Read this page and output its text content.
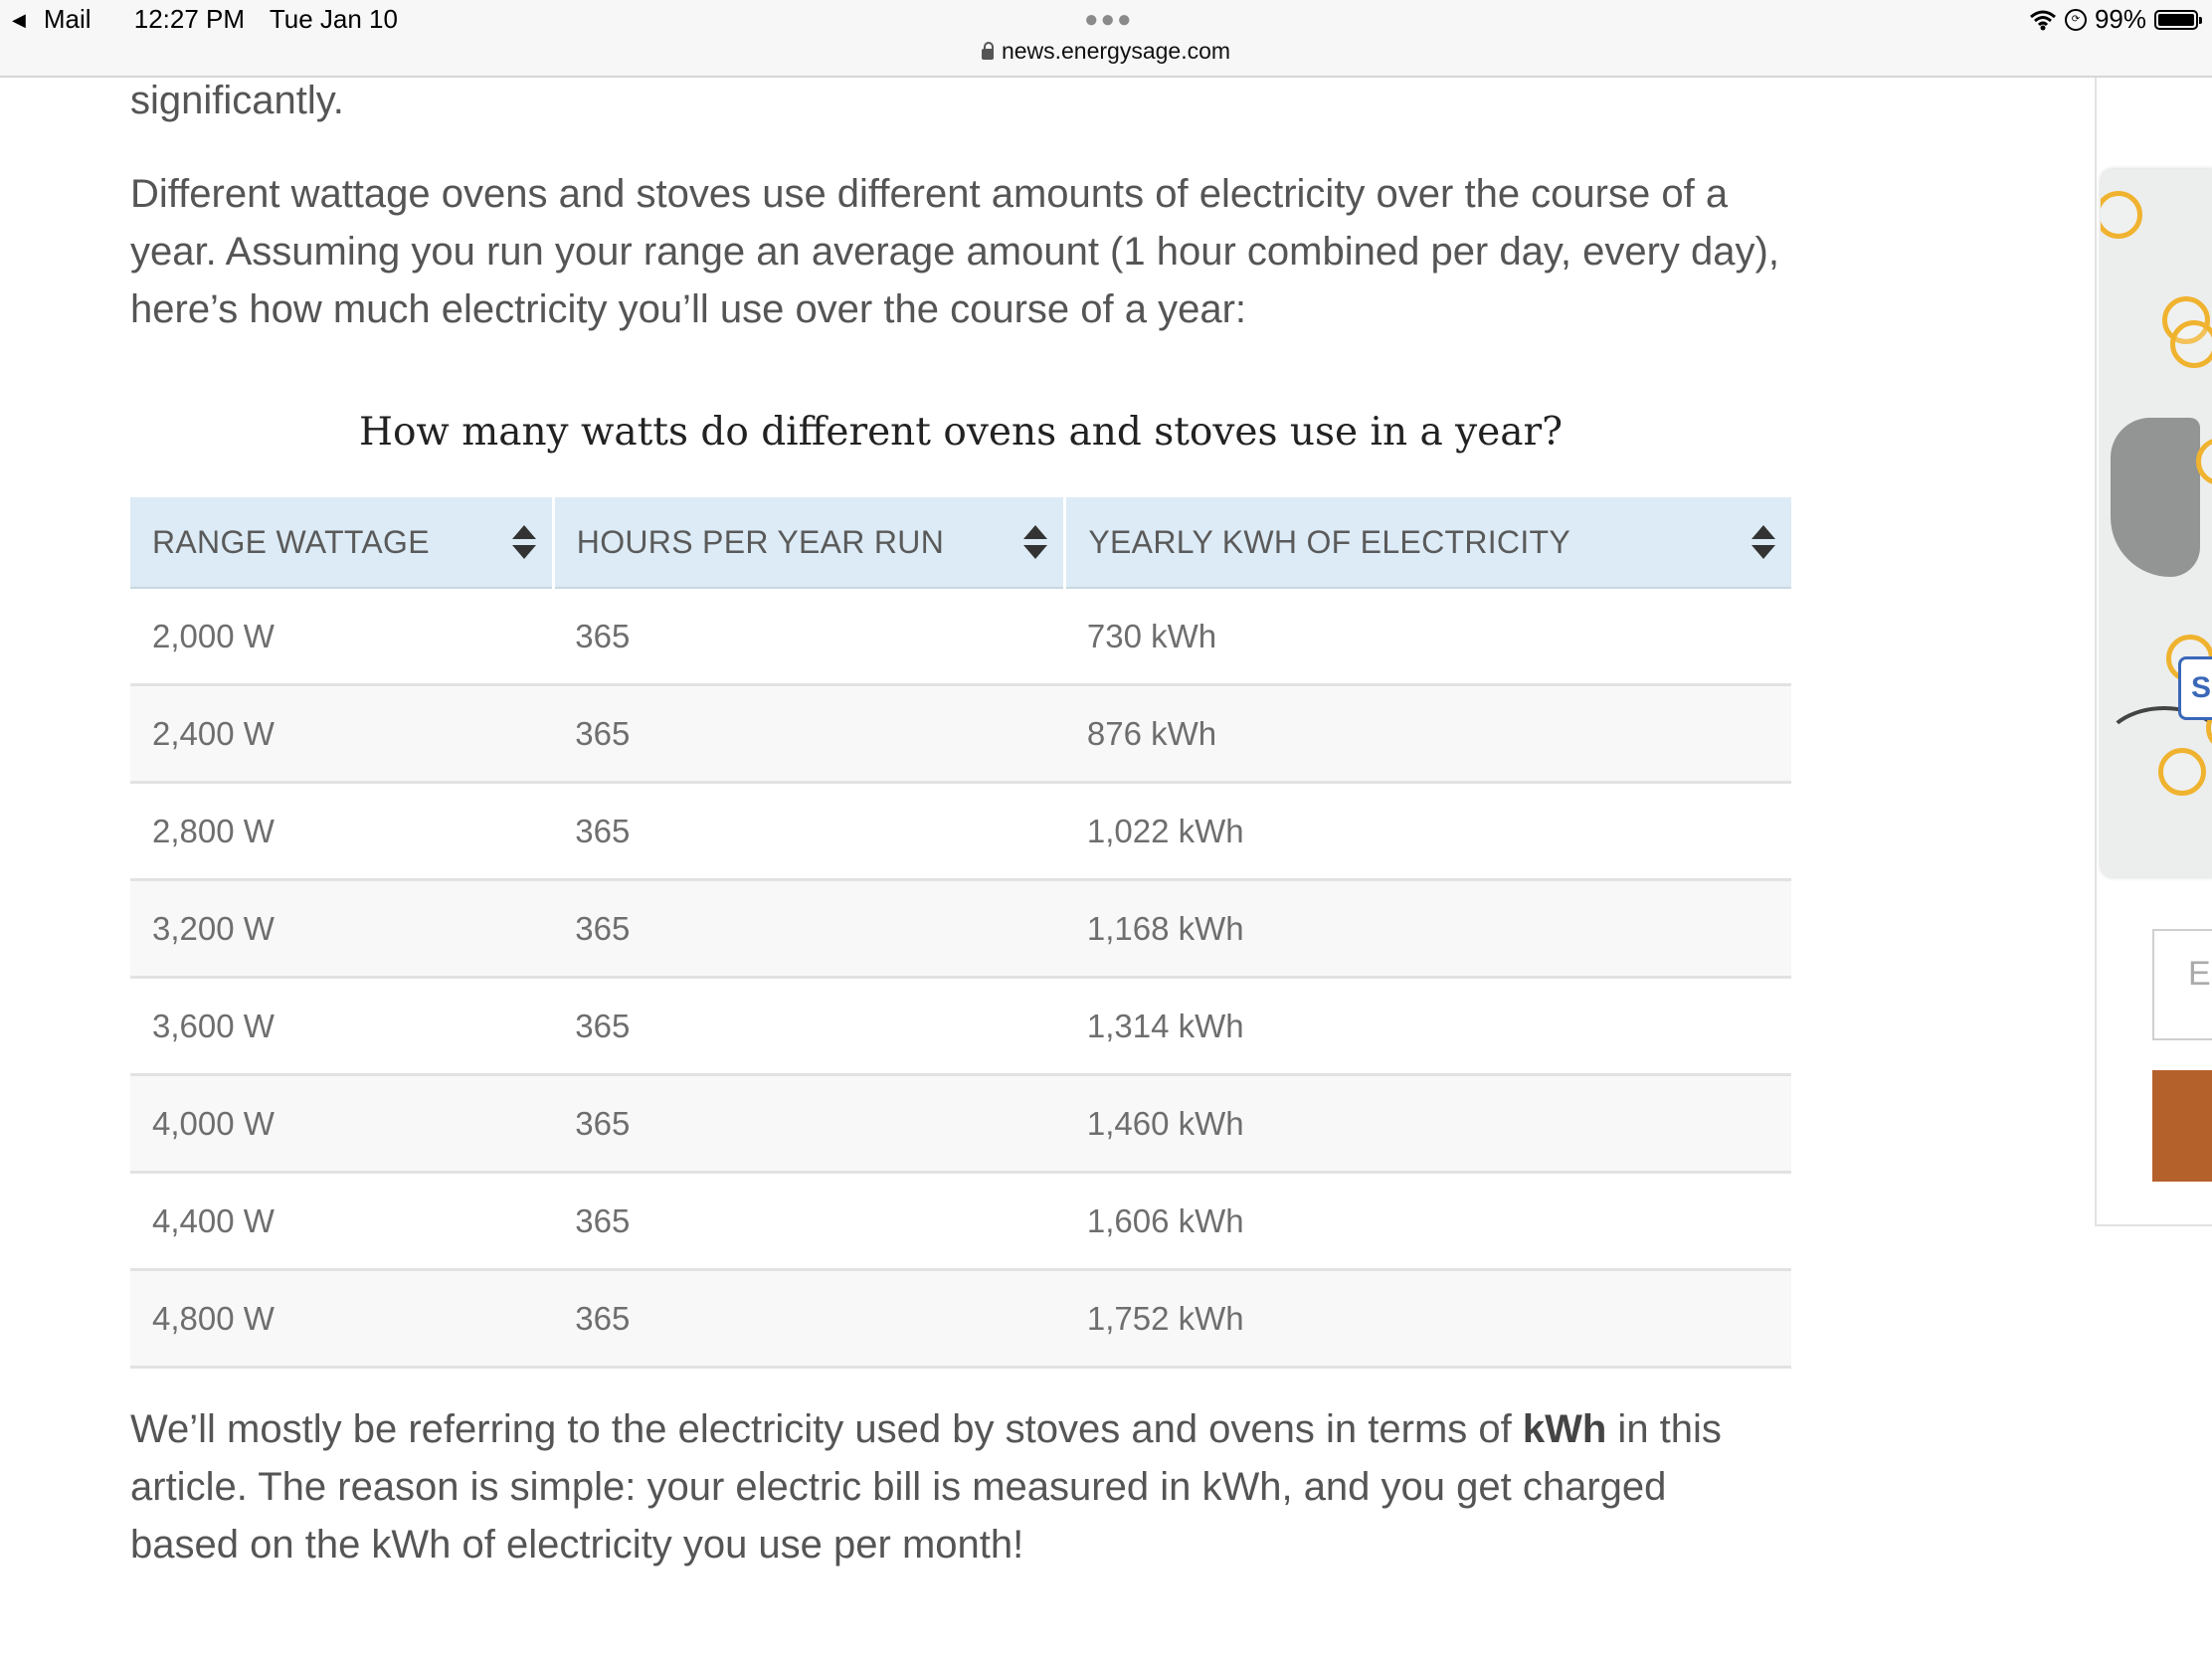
◀ Mail 12:27 PM Tue Jan 10	●●●
news.energysage.com
⟳ 99%

significantly.

Different wattage ovens and stoves use different amounts of electricity over the course of a year. Assuming you run your range an average amount (1 hour combined per day, every day), here’s how much electricity you’ll use over the course of a year:

How many watts do different ovens and stoves use in a year?
RANGE WATTAGE	HOURS PER YEAR RUN	YEARLY KWH OF ELECTRICITY

2,000 W	365	730 kWh
2,400 W	365	876 kWh
2,800 W	365	1,022 kWh
3,200 W	365	1,168 kWh
3,600 W	365	1,314 kWh
4,000 W	365	1,460 kWh
4,400 W	365	1,606 kWh
4,800 W	365	1,752 kWh

We’ll mostly be referring to the electricity used by stoves and ovens in terms of kWh in this article. The reason is simple: your electric bill is measured in kWh, and you get charged based on the kWh of electricity you use per month!

S
E
